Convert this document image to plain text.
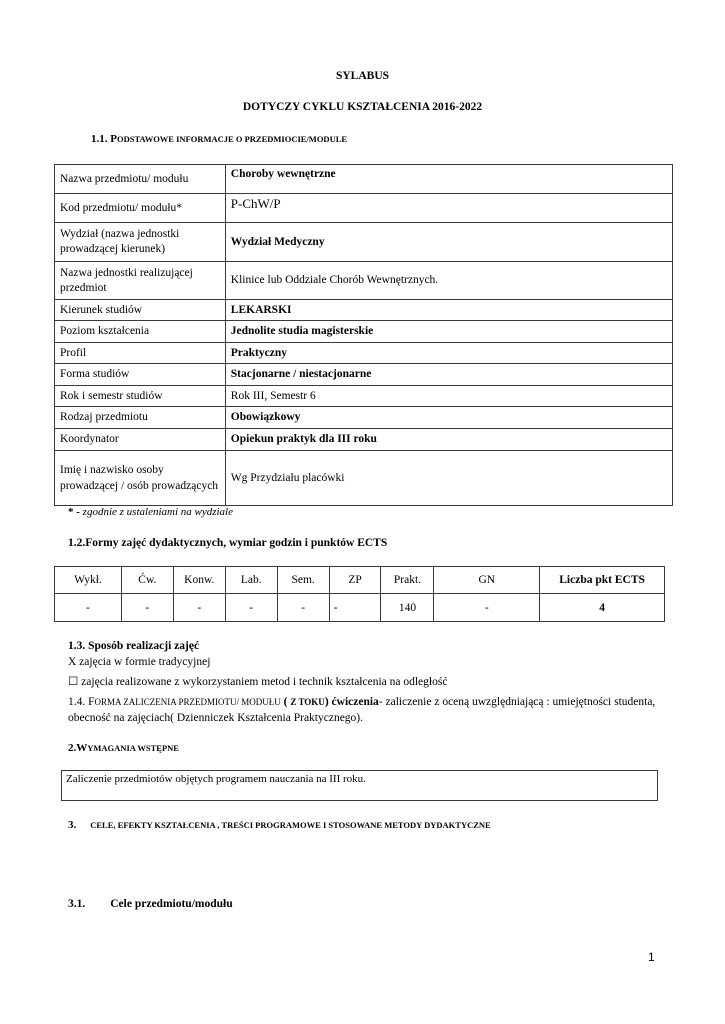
SYLABUS
DOTYCZY CYKLU KSZTAŁCENIA 2016-2022
1.1. PODSTAWOWE INFORMACJE O PRZEDMIOCIE/MODULE
Nazwa przedmiotu/ modułu	Choroby wewnętrzne
Kod przedmiotu/ modułu*	P-ChW/P
Wydział (nazwa jednostki prowadzącej kierunek)	Wydział Medyczny
Nazwa jednostki realizującej przedmiot	Klinice lub Oddziale Chorób Wewnętrznych.
Kierunek studiów	LEKARSKI
Poziom kształcenia	Jednolite studia magisterskie
Profil	Praktyczny
Forma studiów	Stacjonarne / niestacjonarne
Rok i semestr studiów	Rok III, Semestr 6
Rodzaj przedmiotu	Obowiązkowy
Koordynator	Opiekun praktyk dla III roku
Imię i nazwisko osoby prowadzącej / osób prowadzących	Wg Przydziału placówki
* - zgodnie z ustaleniami na wydziale
1.2.Formy zajęć dydaktycznych, wymiar godzin i punktów ECTS
Wykł.	Ćw.	Konw.	Lab.	Sem.	ZP	Prakt.	GN	Liczba pkt ECTS
-	-	-	-	-	-	140	-	4
1.3. Sposób realizacji zajęć
X zajęcia w formie tradycyjnej
☐ zajęcia realizowane z wykorzystaniem metod i technik kształcenia na odległość
1.4. FORMA ZALICZENIA PRZEDMIOTU/ MODUŁU ( Z TOKU) ćwiczenia- zaliczenie z oceną uwzględniającą : umiejętności studenta, obecność na zajęciach( Dzienniczek Kształcenia Praktycznego).
2.WYMAGANIA WSTĘPNE
Zaliczenie przedmiotów objętych programem nauczania na III roku.
3. CELE, EFEKTY KSZTAŁCENIA , TREŚCI PROGRAMOWE I STOSOWANE METODY DYDAKTYCZNE
3.1. Cele przedmiotu/modułu
1
